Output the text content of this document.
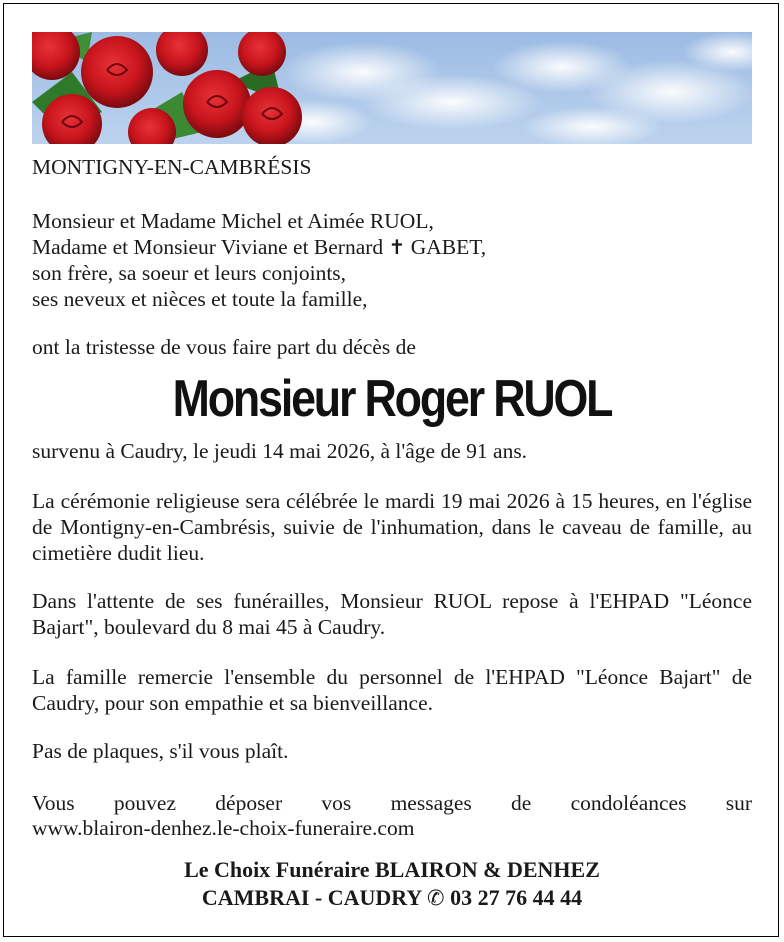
MONTIGNY-EN-CAMBRÉSIS

Monsieur et Madame Michel et Aimée RUOL,
Madame et Monsieur Viviane et Bernard ✝ GABET,
son frère, sa soeur et leurs conjoints,
ses neveux et nièces et toute la famille,

ont la tristesse de vous faire part du décès de

Monsieur Roger RUOL

survenu à Caudry, le jeudi 14 mai 2026, à l'âge de 91 ans.

La cérémonie religieuse sera célébrée le mardi 19 mai 2026 à 15 heures, en l'église de Montigny-en-Cambrésis, suivie de l'inhumation, dans le caveau de famille, au cimetière dudit lieu.

Dans l'attente de ses funérailles, Monsieur RUOL repose à l'EHPAD "Léonce Bajart", boulevard du 8 mai 45 à Caudry.

La famille remercie l'ensemble du personnel de l'EHPAD "Léonce Bajart" de Caudry, pour son empathie et sa bienveillance.

Pas de plaques, s'il vous plaît.

Vous pouvez déposer vos messages de condoléances sur

www.blairon-denhez.le-choix-funeraire.com

Le Choix Funéraire BLAIRON & DENHEZ

CAMBRAI - CAUDRY ✆ 03 27 76 44 44
